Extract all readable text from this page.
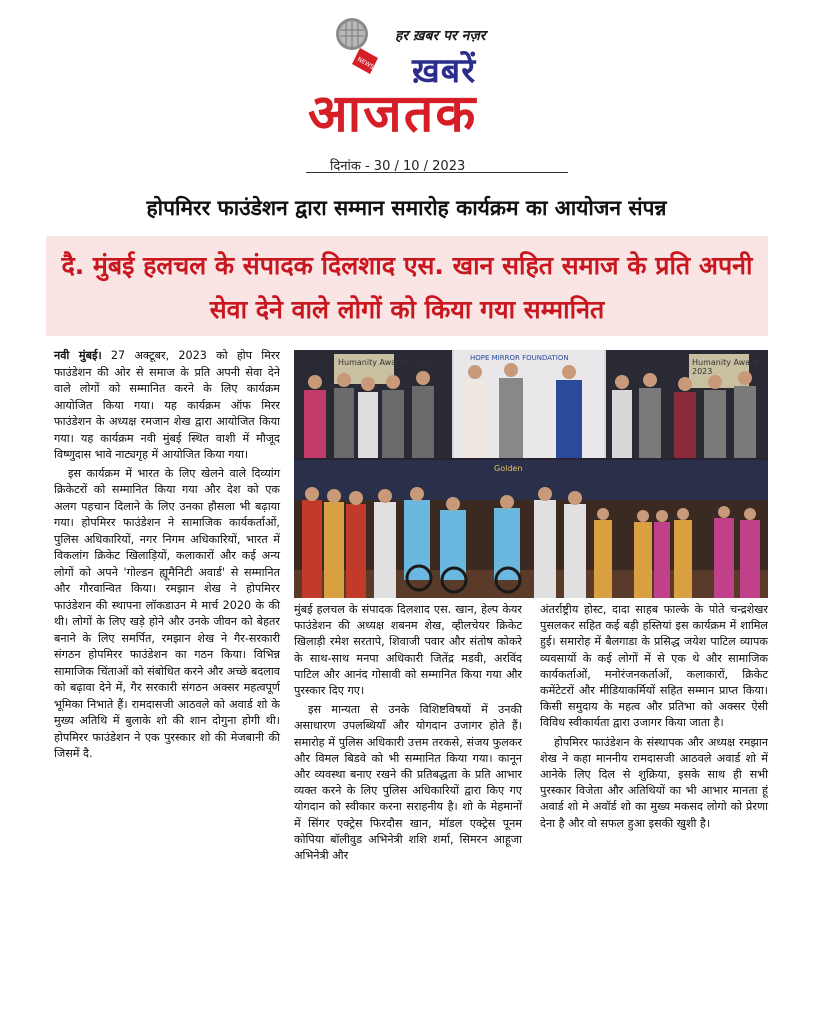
NEWS
हर ख़बर पर नज़र
ख़बरें
आजतक
दिनांक - 30 / 10 / 2023
होपमिरर फाउंडेशन द्वारा सम्मान समारोह कार्यक्रम का आयोजन संपन्न
दै. मुंबई हलचल के संपादक दिलशाद एस. खान सहित समाज के प्रति अपनी सेवा देने वाले लोगों को किया गया सम्मानित

नवी मुंबई। 27 अक्टूबर, 2023 को होप मिरर फाउंडेशन की ओर से समाज के प्रति अपनी सेवा देने वाले लोगों को सम्मानित करने के लिए कार्यक्रम आयोजित किया गया। यह कार्यक्रम ऑफ मिरर फाउंडेशन के अध्यक्ष रमजान शेख द्वारा आयोजित किया गया। यह कार्यक्रम नवी मुंबई स्थित वाशी में मौजूद विष्णुदास भावे नाट्यगृह में आयोजित किया गया।

इस कार्यक्रम में भारत के लिए खेलने वाले दिव्यांग क्रिकेटरों को सम्मानित किया गया और देश को एक अलग पहचान दिलाने के लिए उनका हौसला भी बढ़ाया गया। होपमिरर फाउंडेशन ने सामाजिक कार्यकर्ताओं, पुलिस अधिकारियों, नगर निगम अधिकारियों, भारत में विकलांग क्रिकेट खिलाड़ियों, कलाकारों और कई अन्य लोगों को अपने 'गोल्डन ह्यूमैनिटी अवार्ड' से सम्मानित और गौरवान्वित किया। रमझान शेख ने होपमिरर फाउंडेशन की स्थापना लॉकडाउन मे मार्च 2020 के की थी। लोगों के लिए खड़े होने और उनके जीवन को बेहतर बनाने के लिए समर्पित, रमझान शेख ने गैर-सरकारी संगठन होपमिरर फाउंडेशन का गठन किया। विभिन्न सामाजिक चिंताओं को संबोधित करने और अच्छे बदलाव को बढ़ावा देने में, गैर सरकारी संगठन अक्सर महत्वपूर्ण भूमिका निभाते हैं। रामदासजी आठवले को अवार्ड शो के मुख्य अतिथि में बुलाके शो की शान दोगुना होगी थी। होपमिरर फाउंडेशन ने एक पुरस्कार शो की मेजबानी की जिसमें दै.

Humanity Awards 2023	HOPE MIRROR FOUNDATION	Humanity Award 2023
Golden

मुंबई हलचल के संपादक दिलशाद एस. खान, हेल्प केयर फाउंडेशन की अध्यक्ष शबनम शेख, व्हीलचेयर क्रिकेट खिलाड़ी रमेश सरतापे, शिवाजी पवार और संतोष कोकरे के साथ-साथ मनपा अधिकारी जितेंद्र मडवी, अरविंद पाटिल और आनंद गोसावी को सम्मानित किया गया और पुरस्कार दिए गए।

इस मान्यता से उनके विशिष्टविषयों में उनकी असाधारण उपलब्धियाँ और योगदान उजागर होते हैं। समारोह में पुलिस अधिकारी उत्तम तरकसे, संजय फुलकर और विमल बिडवे को भी सम्मानित किया गया। कानून और व्यवस्था बनाए रखने की प्रतिबद्धता के प्रति आभार व्यक्त करने के लिए पुलिस अधिकारियों द्वारा किए गए योगदान को स्वीकार करना सराहनीय है। शो के मेहमानों में सिंगर एक्ट्रेस फिरदौस खान, मॉडल एक्ट्रेस पूनम कोपिया बॉलीवुड अभिनेत्री शशि शर्मा, सिमरन आहूजा अभिनेत्री और

अंतर्राष्ट्रीय होस्ट, दादा साहब फाल्के के पोते चन्द्रशेखर पुसलकर सहित कई बड़ी हस्तियां इस कार्यक्रम में शामिल हुई। समारोह में बैलगाडा के प्रसिद्ध जयेश पाटिल व्यापक व्यवसायों के कई लोगों में से एक थे और सामाजिक कार्यकर्ताओं, मनोरंजनकर्ताओं, कलाकारों, क्रिकेट कमेंटेटरों और मीडियाकर्मियों सहित सम्मान प्राप्त किया। किसी समुदाय के महत्व और प्रतिभा को अक्सर ऐसी विविध स्वीकार्यता द्वारा उजागर किया जाता है।

होपमिरर फाउंडेशन के संस्थापक और अध्यक्ष रमझान शेख ने कहा माननीय रामदासजी आठवले अवार्ड शो में आनेके लिए दिल से शुक्रिया, इसके साथ ही सभी पुरस्कार विजेता और अतिथियों का भी आभार मानता हूं अवार्ड शो मे अवॉर्ड शो का मुख्य मकसद लोगो को प्रेरणा देना है और वो सफल हुआ इसकी खुशी है।
